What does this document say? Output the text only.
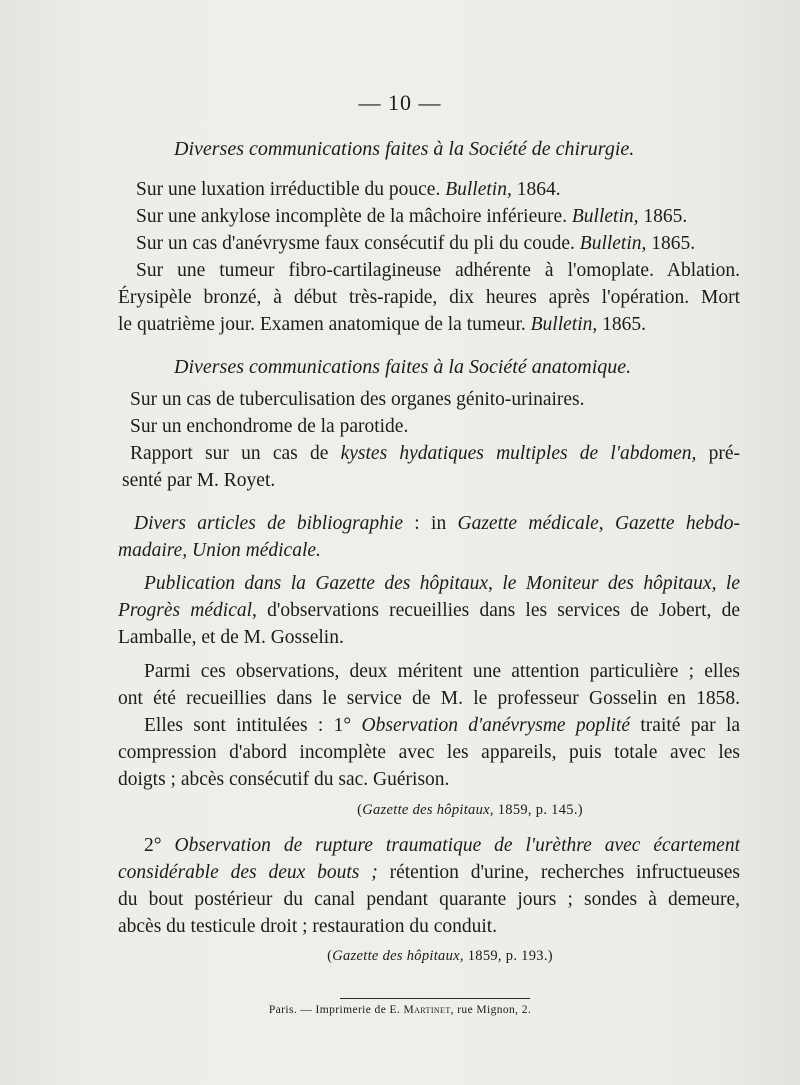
— 10 —
Diverses communications faites à la Société de chirurgie.
Sur une luxation irréductible du pouce. Bulletin, 1864.
Sur une ankylose incomplète de la mâchoire inférieure. Bulletin, 1865.
Sur un cas d'anévrysme faux consécutif du pli du coude. Bulletin, 1865.
Sur une tumeur fibro-cartilagineuse adhérente à l'omoplate. Ablation.
Érysipèle bronzé, à début très-rapide, dix heures après l'opération. Mort
le quatrième jour. Examen anatomique de la tumeur. Bulletin, 1865.
Diverses communications faites à la Société anatomique.
Sur un cas de tuberculisation des organes génito-urinaires.
Sur un enchondrome de la parotide.
Rapport sur un cas de kystes hydatiques multiples de l'abdomen, pré-
senté par M. Royet.
Divers articles de bibliographie : in Gazette médicale, Gazette hebdo-
madaire, Union médicale.
Publication dans la Gazette des hôpitaux, le Moniteur des hôpitaux, le
Progrès médical, d'observations recueillies dans les services de Jobert, de
Lamballe, et de M. Gosselin.
Parmi ces observations, deux méritent une attention particulière ; elles
ont été recueillies dans le service de M. le professeur Gosselin en 1858.
Elles sont intitulées : 1° Observation d'anévrysme poplité traité par la
compression d'abord incomplète avec les appareils, puis totale avec les
doigts ; abcès consécutif du sac. Guérison.
(Gazette des hôpitaux, 1859, p. 145.)
2° Observation de rupture traumatique de l'urèthre avec écartement
considérable des deux bouts ; rétention d'urine, recherches infructueuses
du bout postérieur du canal pendant quarante jours ; sondes à demeure,
abcès du testicule droit ; restauration du conduit.
(Gazette des hôpitaux, 1859, p. 193.)
Paris. — Imprimerie de E. Martinet, rue Mignon, 2.
